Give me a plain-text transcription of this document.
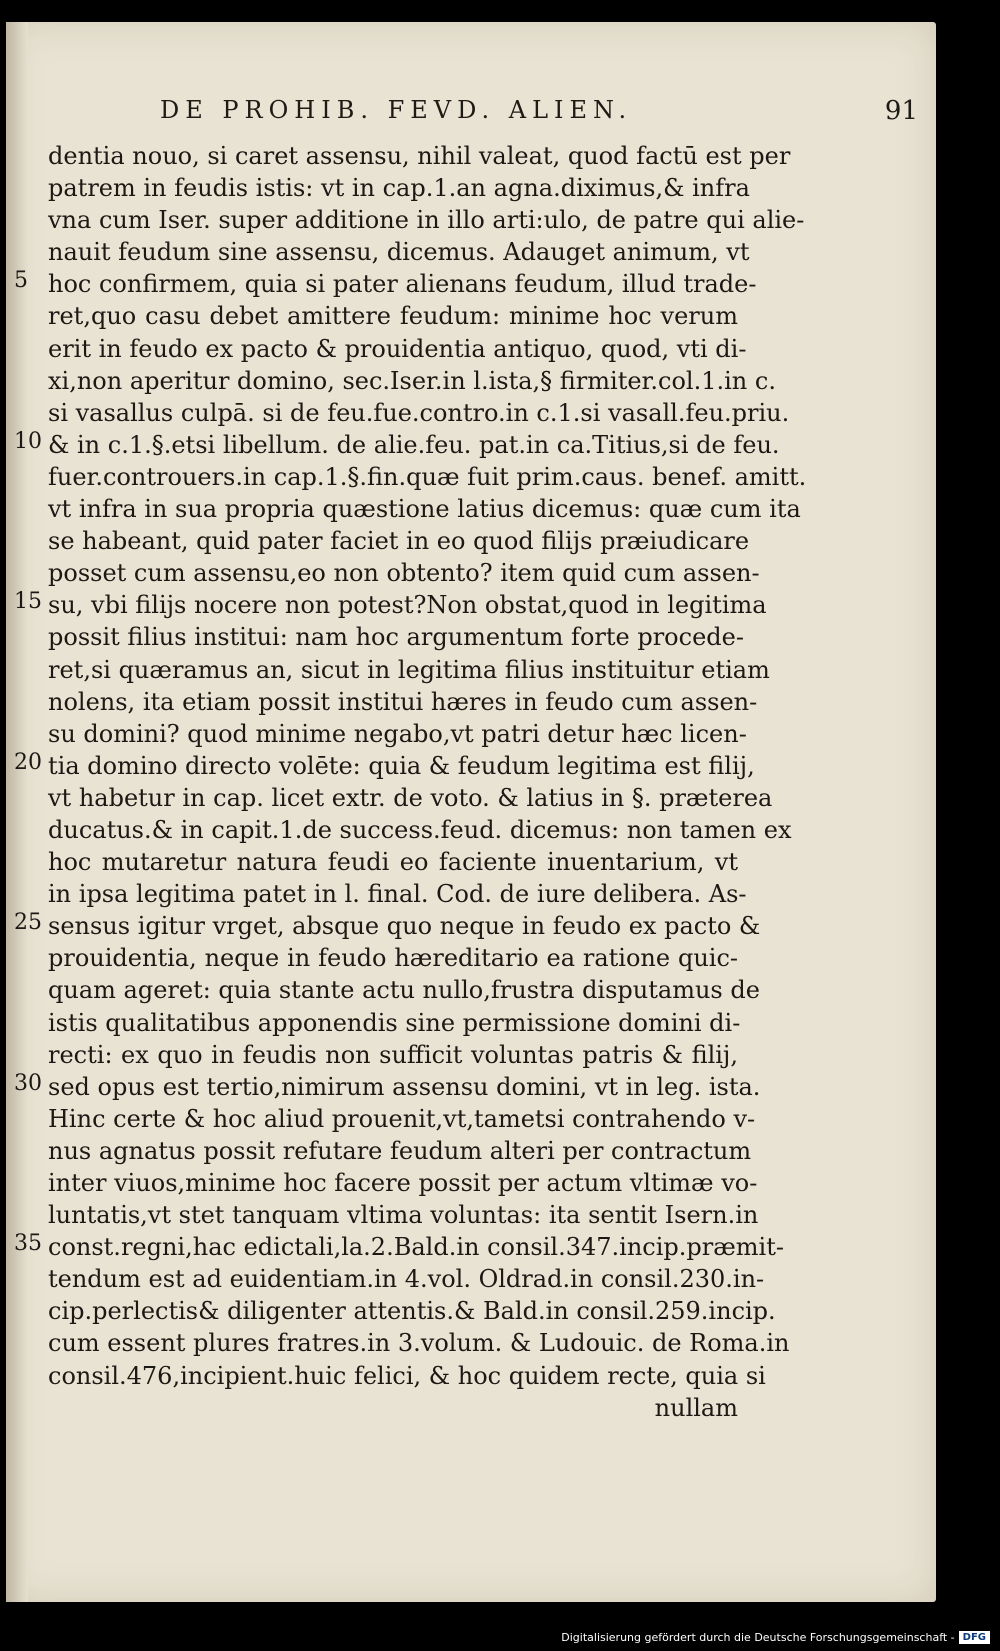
DE PROHIB. FEVD. ALIEN.	91
5
10
15
20
25
30
35
dentia nouo, si caret assensu, nihil valeat, quod factū est per
patrem in feudis istis: vt in cap.1.an agna.diximus,& infra
vna cum Iser. super additione in illo arti:ulo, de patre qui alie-
nauit feudum sine assensu, dicemus. Adauget animum, vt
hoc confirmem, quia si pater alienans feudum, illud trade-
ret,quo casu debet amittere feudum: minime hoc verum
erit in feudo ex pacto & prouidentia antiquo, quod, vti di-
xi,non aperitur domino, sec.Iser.in l.ista,§ firmiter.col.1.in c.
si vasallus culpā. si de feu.fue.contro.in c.1.si vasall.feu.priu.
& in c.1.§.etsi libellum. de alie.feu. pat.in ca.Titius,si de feu.
fuer.controuers.in cap.1.§.fin.quæ fuit prim.caus. benef. amitt.
vt infra in sua propria quæstione latius dicemus: quæ cum ita
se habeant, quid pater faciet in eo quod filijs præiudicare
posset cum assensu,eo non obtento? item quid cum assen-
su, vbi filijs nocere non potest?Non obstat,quod in legitima
possit filius institui: nam hoc argumentum forte procede-
ret,si quæramus an, sicut in legitima filius instituitur etiam
nolens, ita etiam possit institui hæres in feudo cum assen-
su domini? quod minime negabo,vt patri detur hæc licen-
tia domino directo volēte: quia & feudum legitima est filij,
vt habetur in cap. licet extr. de voto. & latius in §. præterea
ducatus.& in capit.1.de success.feud. dicemus: non tamen ex
hoc mutaretur natura feudi eo faciente inuentarium, vt
in ipsa legitima patet in l. final. Cod. de iure delibera. As-
sensus igitur vrget, absque quo neque in feudo ex pacto &
prouidentia, neque in feudo hæreditario ea ratione quic-
quam ageret: quia stante actu nullo,frustra disputamus de
istis qualitatibus apponendis sine permissione domini di-
recti: ex quo in feudis non sufficit voluntas patris & filij,
sed opus est tertio,nimirum assensu domini, vt in leg. ista.
Hinc certe & hoc aliud prouenit,vt,tametsi contrahendo v-
nus agnatus possit refutare feudum alteri per contractum
inter viuos,minime hoc facere possit per actum vltimæ vo-
luntatis,vt stet tanquam vltima voluntas: ita sentit Isern.in
const.regni,hac edictali,la.2.Bald.in consil.347.incip.præmit-
tendum est ad euidentiam.in 4.vol. Oldrad.in consil.230.in-
cip.perlectis& diligenter attentis.& Bald.in consil.259.incip.
cum essent plures fratres.in 3.volum. & Ludouic. de Roma.in
consil.476,incipient.huic felici, & hoc quidem recte, quia si
nullam
Digitalisierung gefördert durch die Deutsche Forschungsgemeinschaft - DFG
